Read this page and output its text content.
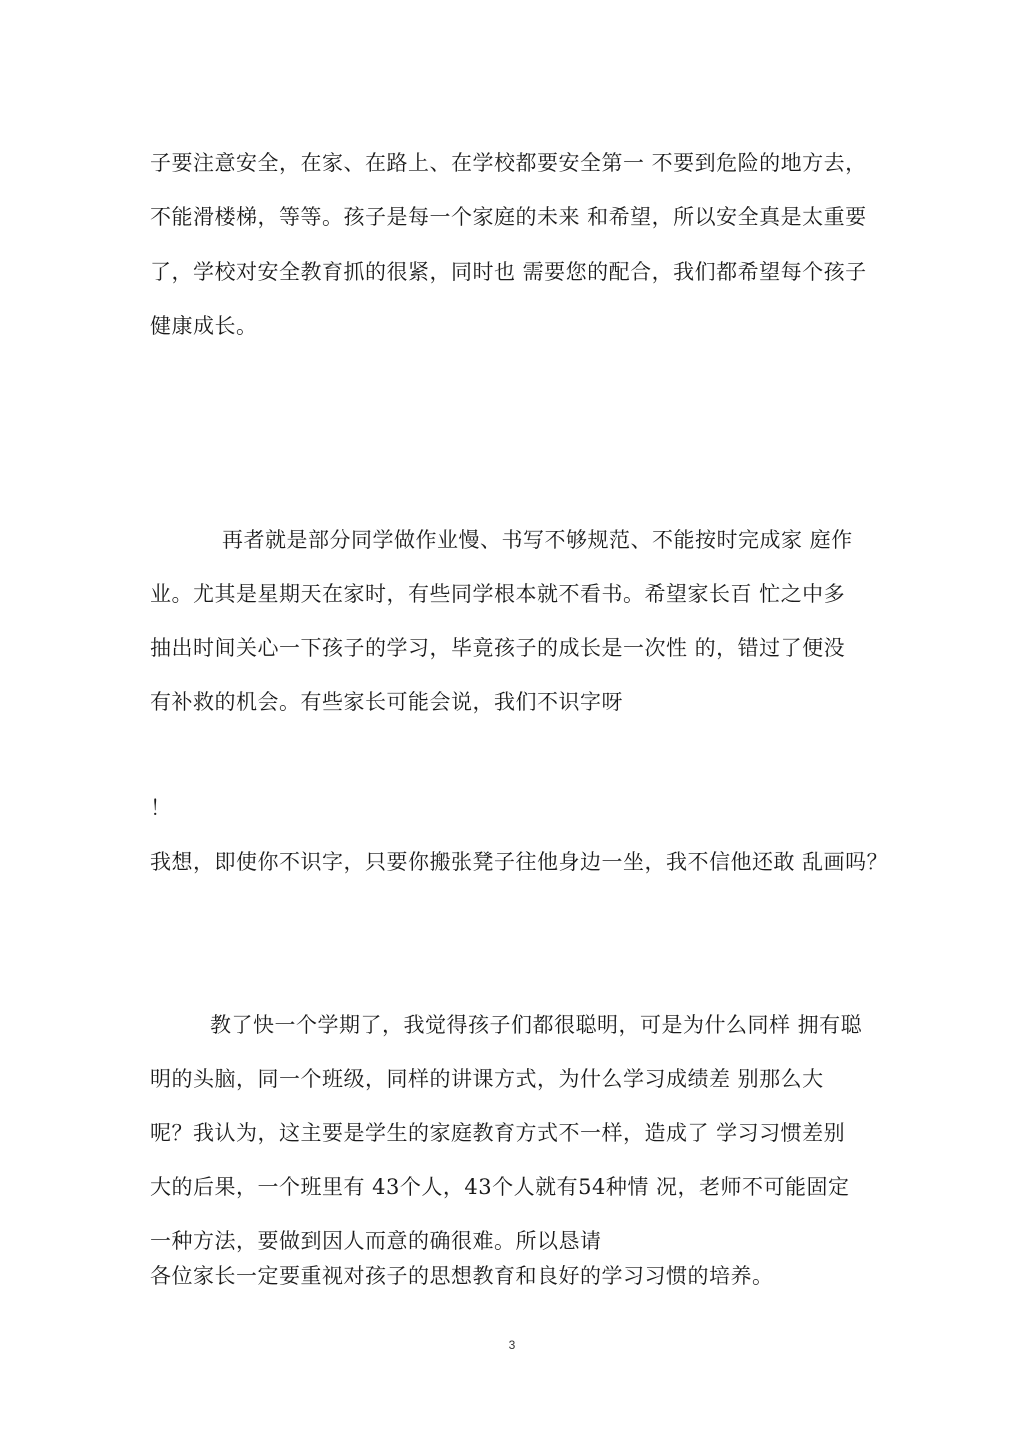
子要注意安全，在家、在路上、在学校都要安全第一 不要到危险的地方去，
不能滑楼梯，等等。孩子是每一个家庭的未来 和希望，所以安全真是太重要
了，学校对安全教育抓的很紧，同时也 需要您的配合，我们都希望每个孩子
健康成长。
再者就是部分同学做作业慢、书写不够规范、不能按时完成家 庭作
业。尤其是星期天在家时，有些同学根本就不看书。希望家长百 忙之中多
抽出时间关心一下孩子的学习，毕竟孩子的成长是一次性 的，错过了便没
有补救的机会。有些家长可能会说，我们不识字呀
！
我想，即使你不识字，只要你搬张凳子往他身边一坐，我不信他还敢 乱画吗？
教了快一个学期了，我觉得孩子们都很聪明，可是为什么同样 拥有聪
明的头脑，同一个班级，同样的讲课方式，为什么学习成绩差 别那么大
呢？我认为，这主要是学生的家庭教育方式不一样，造成了 学习习惯差别
大的后果，一个班里有 43个人，43个人就有54种情 况，老师不可能固定
一种方法，要做到因人而意的确很难。所以恳请
各位家长一定要重视对孩子的思想教育和良好的学习习惯的培养。
3
